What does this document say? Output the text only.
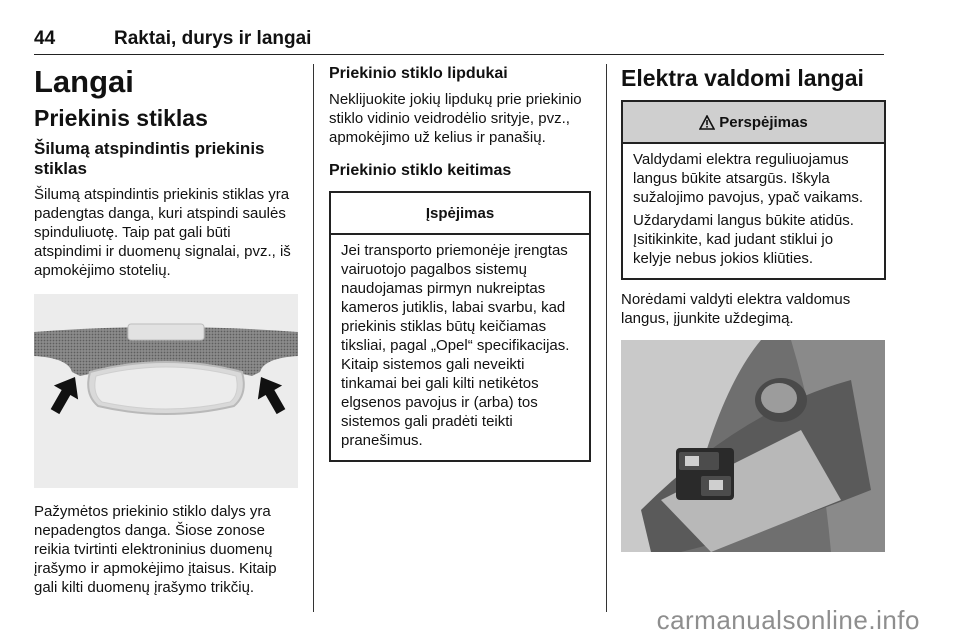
44	Raktai, durys ir langai
Langai
Priekinis stiklas
Šilumą atspindintis priekinis stiklas

Šilumą atspindintis priekinis stiklas yra padengtas danga, kuri atspindi saulės spinduliuotę. Taip pat gali būti atspindimi ir duomenų signalai, pvz., iš apmokėjimo stotelių.

Pažymėtos priekinio stiklo dalys yra nepadengtos danga. Šiose zonose reikia tvirtinti elektroninius duomenų įrašymo ir apmokėjimo įtaisus. Kitaip gali kilti duomenų įrašymo trikčių.

Priekinio stiklo lipdukai

Neklijuokite jokių lipdukų prie priekinio stiklo vidinio veidrodėlio srityje, pvz., apmokėjimo už kelius ir panašių.

Priekinio stiklo keitimas
Įspėjimas

Jei transporto priemonėje įrengtas vairuotojo pagalbos sistemų naudojamas pirmyn nukreiptas kameros jutiklis, labai svarbu, kad priekinis stiklas būtų keičiamas tiksliai, pagal „Opel“ specifikacijas. Kitaip sistemos gali neveikti tinkamai bei gali kilti netikėtos elgsenos pavojus ir (arba) tos sistemos gali pradėti teikti pranešimus.

Elektra valdomi langai
Perspėjimas

Valdydami elektra reguliuojamus langus būkite atsargūs. Iškyla sužalojimo pavojus, ypač vaikams.

Uždarydami langus būkite atidūs. Įsitikinkite, kad judant stiklui jo kelyje nebus jokios kliūties.

Norėdami valdyti elektra valdomus langus, įjunkite uždegimą.

carmanualsonline.info
